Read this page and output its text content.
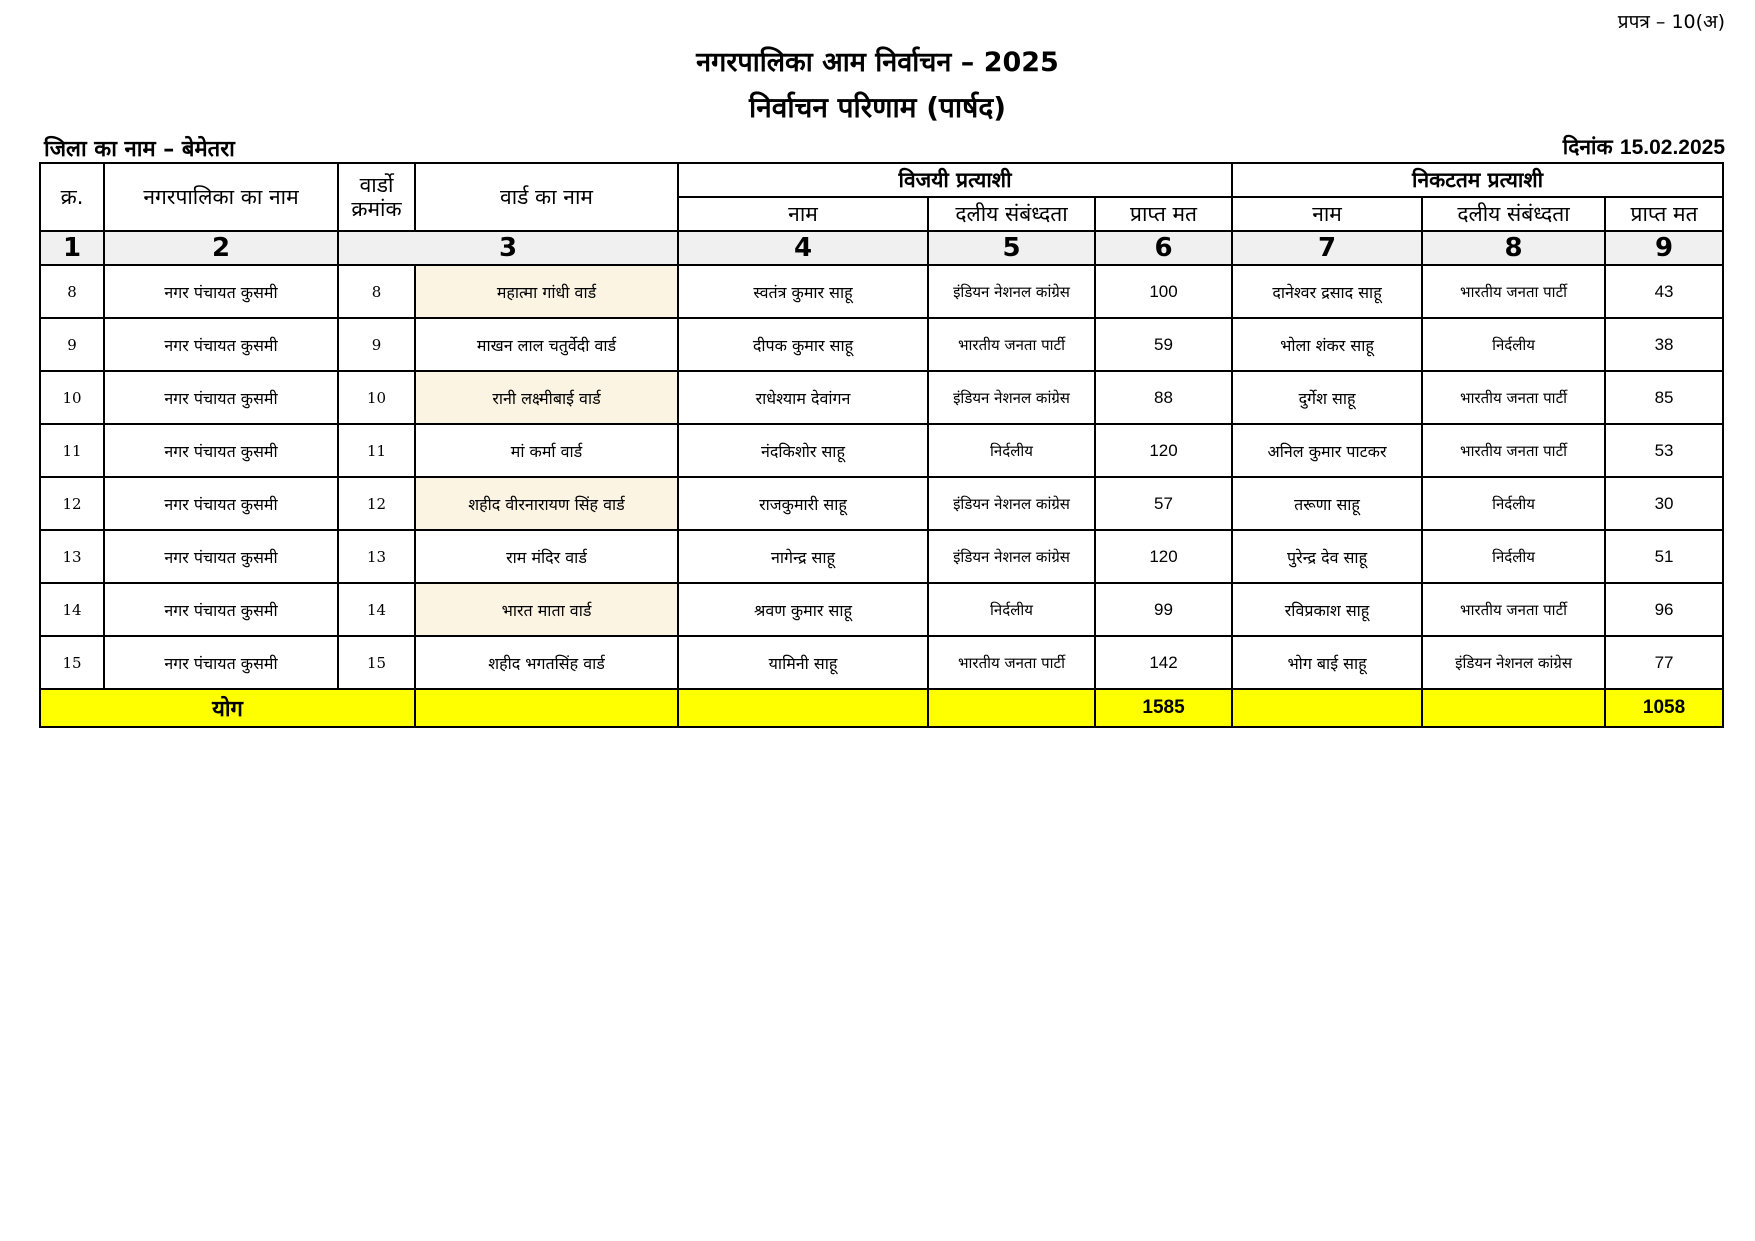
प्रपत्र – 10(अ)
नगरपालिका आम निर्वाचन – 2025
निर्वाचन परिणाम (पार्षद)
जिला का नाम – बेमेतरा	दिनांक 15.02.2025
क्र.	नगरपालिका का नाम	वार्डो
क्रमांक	वार्ड का नाम	विजयी प्रत्याशी			निकटतम प्रत्याशी		
				नाम	दलीय संबंध्दता	प्राप्त मत	नाम	दलीय संबंध्दता	प्राप्त मत
1	2	3		4	5	6	7	8	9
8	नगर पंचायत कुसमी	8	महात्मा गांधी वार्ड	स्वतंत्र कुमार साहू	इंडियन नेशनल कांग्रेस	100	दानेश्वर द्रसाद साहू	भारतीय जनता पार्टी	43
9	नगर पंचायत कुसमी	9	माखन लाल चतुर्वेदी वार्ड	दीपक कुमार साहू	भारतीय जनता पार्टी	59	भोला शंकर साहू	निर्दलीय	38
10	नगर पंचायत कुसमी	10	रानी लक्ष्मीबाई वार्ड	राधेश्याम देवांगन	इंडियन नेशनल कांग्रेस	88	दुर्गेश साहू	भारतीय जनता पार्टी	85
11	नगर पंचायत कुसमी	11	मां कर्मा वार्ड	नंदकिशोर साहू	निर्दलीय	120	अनिल कुमार पाटकर	भारतीय जनता पार्टी	53
12	नगर पंचायत कुसमी	12	शहीद वीरनारायण सिंह वार्ड	राजकुमारी साहू	इंडियन नेशनल कांग्रेस	57	तरूणा साहू	निर्दलीय	30
13	नगर पंचायत कुसमी	13	राम मंदिर वार्ड	नागेन्द्र साहू	इंडियन नेशनल कांग्रेस	120	पुरेन्द्र देव साहू	निर्दलीय	51
14	नगर पंचायत कुसमी	14	भारत माता वार्ड	श्रवण कुमार साहू	निर्दलीय	99	रविप्रकाश साहू	भारतीय जनता पार्टी	96
15	नगर पंचायत कुसमी	15	शहीद भगतसिंह वार्ड	यामिनी साहू	भारतीय जनता पार्टी	142	भोग बाई साहू	इंडियन नेशनल कांग्रेस	77
योग						1585			1058
